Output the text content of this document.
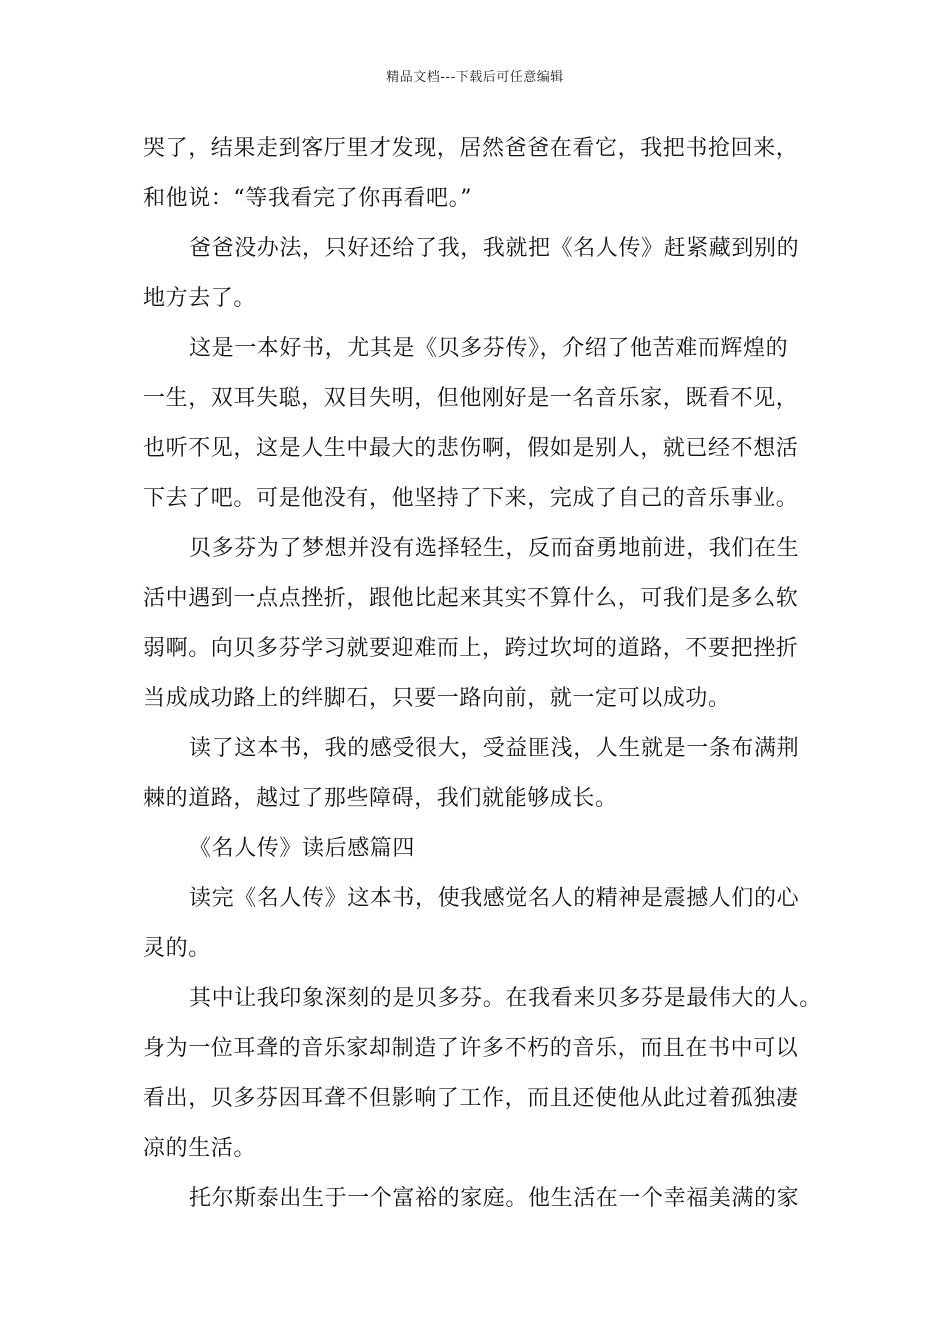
精品文档---下载后可任意编辑
哭了，结果走到客厅里才发现，居然爸爸在看它，我把书抢回来，
和他说：“等我看完了你再看吧。”
爸爸没办法，只好还给了我，我就把《名人传》赶紧藏到别的
地方去了。
这是一本好书，尤其是《贝多芬传》，介绍了他苦难而辉煌的
一生，双耳失聪，双目失明，但他刚好是一名音乐家，既看不见，
也听不见，这是人生中最大的悲伤啊，假如是别人，就已经不想活
下去了吧。可是他没有，他坚持了下来，完成了自己的音乐事业。
贝多芬为了梦想并没有选择轻生，反而奋勇地前进，我们在生
活中遇到一点点挫折，跟他比起来其实不算什么，可我们是多么软
弱啊。向贝多芬学习就要迎难而上，跨过坎坷的道路，不要把挫折
当成成功路上的绊脚石，只要一路向前，就一定可以成功。
读了这本书，我的感受很大，受益匪浅，人生就是一条布满荆
棘的道路，越过了那些障碍，我们就能够成长。
《名人传》读后感篇四
读完《名人传》这本书，使我感觉名人的精神是震撼人们的心
灵的。
其中让我印象深刻的是贝多芬。在我看来贝多芬是最伟大的人。
身为一位耳聋的音乐家却制造了许多不朽的音乐，而且在书中可以
看出，贝多芬因耳聋不但影响了工作，而且还使他从此过着孤独凄
凉的生活。
托尔斯泰出生于一个富裕的家庭。他生活在一个幸福美满的家
